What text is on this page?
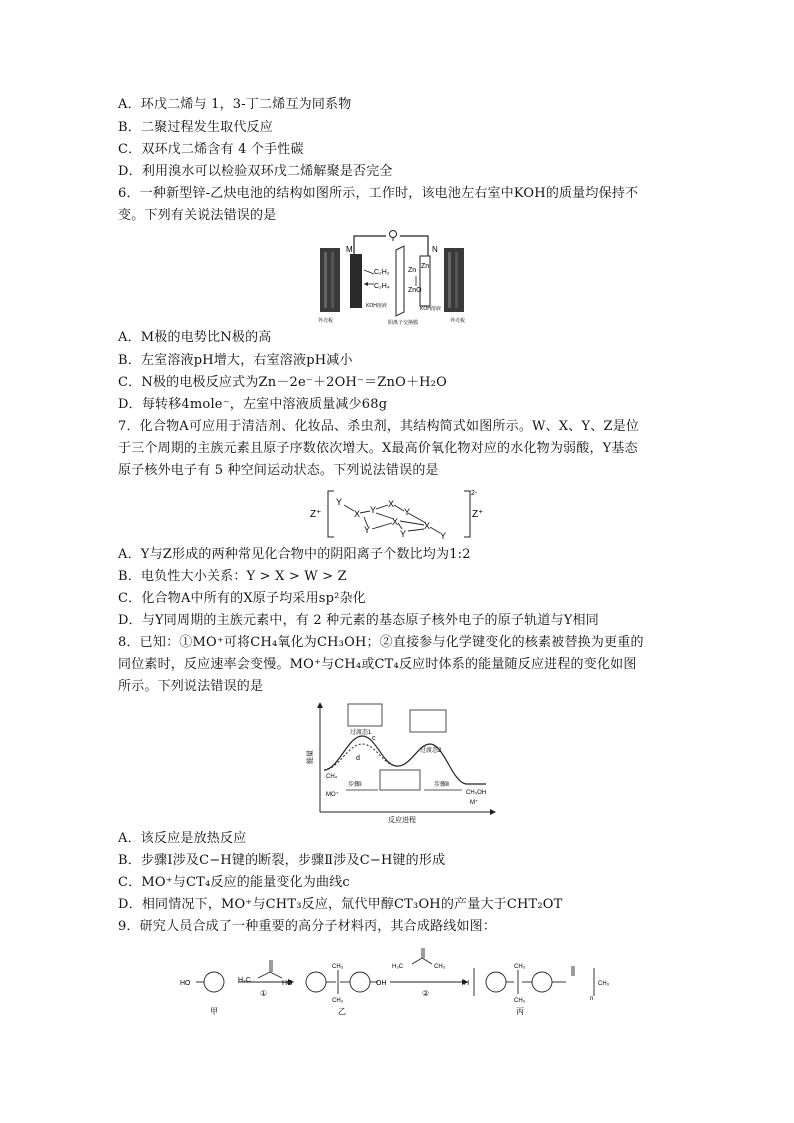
A．环戊二烯与 1，3-丁二烯互为同系物
B．二聚过程发生取代反应
C．双环戊二烯含有 4 个手性碳
D．利用溴水可以检验双环戊二烯解聚是否完全
6．一种新型锌-乙炔电池的结构如图所示，工作时，该电池左右室中KOH的质量均保持不
变。下列有关说法错误的是
M	N
C₂H₂
C₂H₄
Zn
ZnO
Zn
KOH溶液	KOH溶液
阴离子交换膜
外壳板	外壳板
A．M极的电势比N极的高
B．左室溶液pH增大，右室溶液pH减小
C．N极的电极反应式为Zn－2e⁻＋2OH⁻＝ZnO＋H₂O
D．每转移4mole⁻，左室中溶液质量减少68g
7．化合物A可应用于清洁剂、化妆品、杀虫剂，其结构简式如图所示。W、X、Y、Z是位
于三个周期的主族元素且原子序数依次增大。X最高价氧化物对应的水化物为弱酸，Y基态
原子核外电子有 5 种空间运动状态。下列说法错误的是
Z⁺
2-
Z⁺
Y
X Y
X
Y
X
Y	Y
X
Y
A．Y与Z形成的两种常见化合物中的阴阳离子个数比均为1:2
B．电负性大小关系：Y > X > W > Z
C．化合物A中所有的X原子均采用sp²杂化
D．与Y同周期的主族元素中，有 2 种元素的基态原子核外电子的原子轨道与Y相同
8．已知：①MO⁺可将CH₄氧化为CH₃OH；②直接参与化学键变化的核素被替换为更重的
同位素时，反应速率会变慢。MO⁺与CH₄或CT₄反应时体系的能量随反应进程的变化如图
所示。下列说法错误的是
能量
反应进程
c
d
过渡态1
过渡态2
CH₄
MO⁺
步骤Ⅰ	步骤Ⅱ
CH₃OH
M⁺
A．该反应是放热反应
B．步骤Ⅰ涉及C−H键的断裂，步骤Ⅱ涉及C−H键的形成
C．MO⁺与CT₄反应的能量变化为曲线c
D．相同情况下，MO⁺与CHT₃反应，氚代甲醇CT₃OH的产量大于CHT₂OT
9．研究人员合成了一种重要的高分子材料丙，其合成路线如图：
HO	H₃C
①
HO
CH₃
CH₃
OH
H₃C	CH₃
②
H
CH₃
CH₃	n
CH₃
甲	乙	丙
